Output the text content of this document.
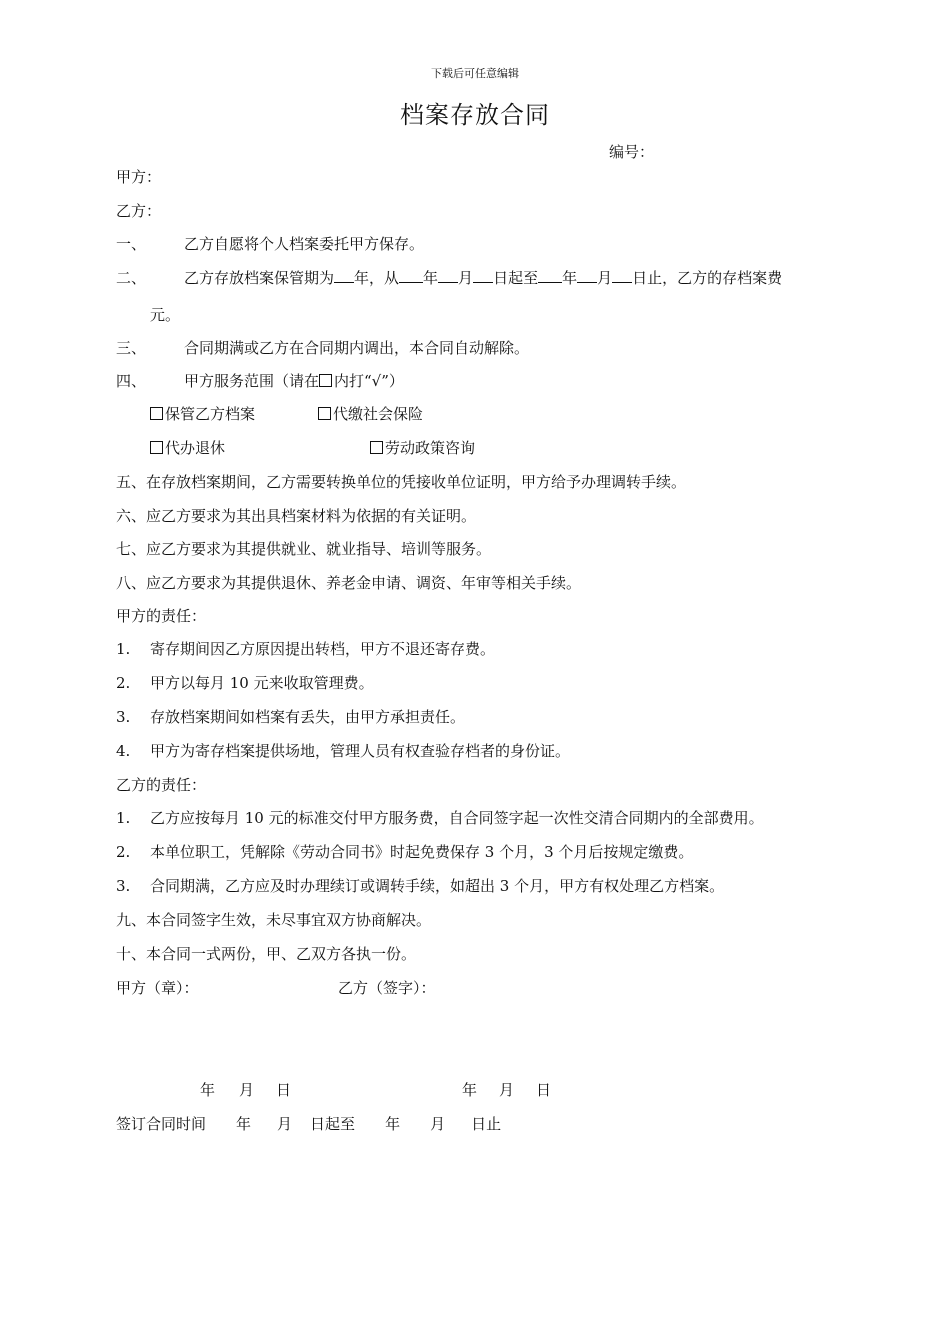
下载后可任意编辑
档案存放合同
编号：
甲方：
乙方：
一、	乙方自愿将个人档案委托甲方保存。
二、	乙方存放档案保管期为 年，从 年 月 日起至 年 月 日止，乙方的存档案费
元。
三、	合同期满或乙方在合同期内调出，本合同自动解除。
四、	甲方服务范围（请在 内打“√”）
保管乙方档案	代缴社会保险
代办退休	劳动政策咨询
五、在存放档案期间，乙方需要转换单位的凭接收单位证明，甲方给予办理调转手续。
六、应乙方要求为其出具档案材料为依据的有关证明。
七、应乙方要求为其提供就业、就业指导、培训等服务。
八、应乙方要求为其提供退休、养老金申请、调资、年审等相关手续。
甲方的责任：
1. 寄存期间因乙方原因提出转档，甲方不退还寄存费。
2. 甲方以每月 10 元来收取管理费。
3. 存放档案期间如档案有丢失，由甲方承担责任。
4. 甲方为寄存档案提供场地，管理人员有权查验存档者的身份证。
乙方的责任：
1. 乙方应按每月 10 元的标准交付甲方服务费，自合同签字起一次性交清合同期内的全部费用。
2. 本单位职工，凭解除《劳动合同书》时起免费保存 3 个月，3 个月后按规定缴费。
3. 合同期满，乙方应及时办理续订或调转手续，如超出 3 个月，甲方有权处理乙方档案。
九、本合同签字生效，未尽事宜双方协商解决。
十、本合同一式两份，甲、乙双方各执一份。
甲方（章）：	乙方（签字）：
年 月 日	年 月 日
签订合同时间 年 月 日起至 年 月 日止
